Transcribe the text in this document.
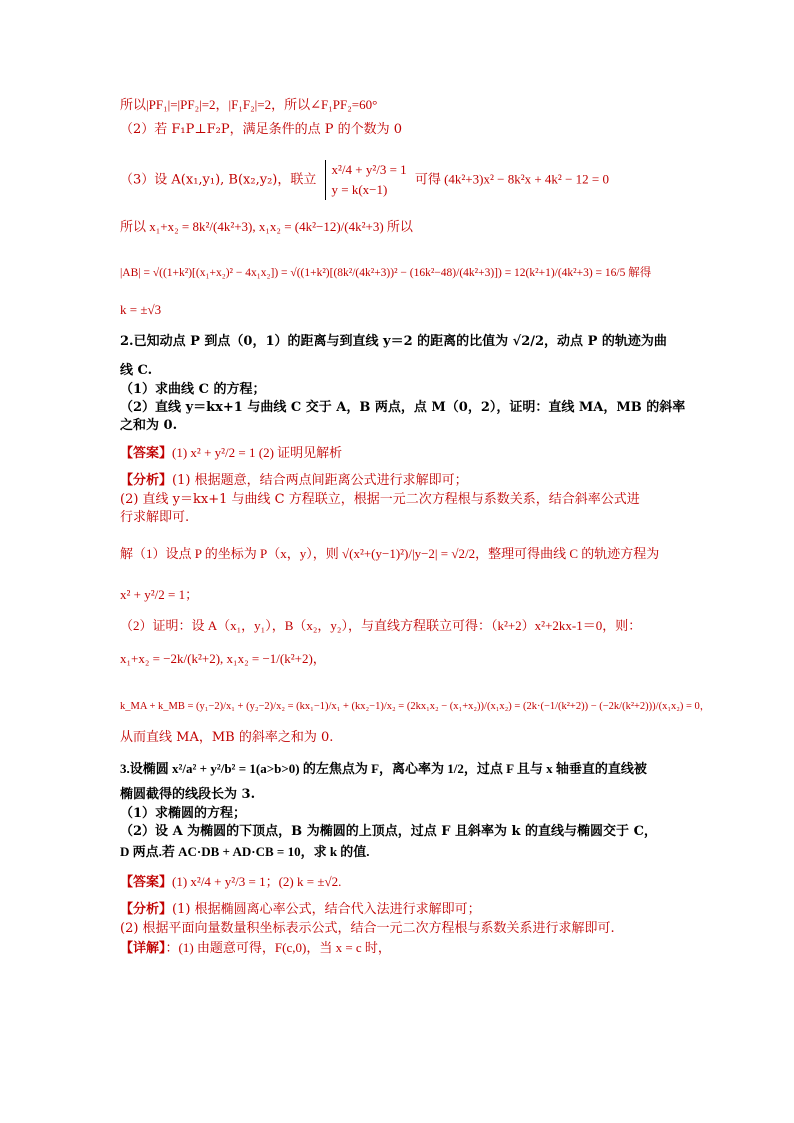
所以|PF₁|=|PF₂|=2，|F₁F₂|=2，所以∠F₁PF₂=60°
（2）若 F₁P⊥F₂P，满足条件的点 P 的个数为 0
（3）设 A(x₁,y₁), B(x₂,y₂)，联立
x²/4 + y²/3 = 1
y = k(x−1)
可得 (4k²+3)x² − 8k²x + 4k² − 12 = 0
所以 x₁+x₂ = 8k²/(4k²+3), x₁x₂ = (4k²−12)/(4k²+3) 所以
|AB| = √((1+k²)[(x₁+x₂)² − 4x₁x₂]) = √((1+k²)[(8k²/(4k²+3))² − (16k²−48)/(4k²+3)]) = 12(k²+1)/(4k²+3) = 16/5 解得
k = ±√3
2.已知动点 P 到点（0，1）的距离与到直线 y＝2 的距离的比值为 √2/2，动点 P 的轨迹为曲
线 C.
（1）求曲线 C 的方程；
（2）直线 y＝kx+1 与曲线 C 交于 A，B 两点，点 M（0，2），证明：直线 MA，MB 的斜率
之和为 0.
【答案】(1) x² + y²/2 = 1 (2) 证明见解析
【分析】(1) 根据题意，结合两点间距离公式进行求解即可；
(2) 直线 y＝kx+1 与曲线 C 方程联立，根据一元二次方程根与系数关系，结合斜率公式进
行求解即可.
解（1）设点 P 的坐标为 P（x，y），则 √(x²+(y−1)²)/|y−2| = √2/2，整理可得曲线 C 的轨迹方程为
x² + y²/2 = 1；
（2）证明：设 A（x₁，y₁），B（x₂，y₂），与直线方程联立可得：（k²+2）x²+2kx-1＝0，则：
x₁+x₂ = −2k/(k²+2), x₁x₂ = −1/(k²+2)，
k_MA + k_MB = (y₁−2)/x₁ + (y₂−2)/x₂ = (kx₁−1)/x₁ + (kx₂−1)/x₂ = (2kx₁x₂ − (x₁+x₂))/(x₁x₂) = (2k·(−1/(k²+2)) − (−2k/(k²+2)))/(x₁x₂) = 0，
从而直线 MA，MB 的斜率之和为 0.
3.设椭圆 x²/a² + y²/b² = 1(a>b>0) 的左焦点为 F，离心率为 1/2，过点 F 且与 x 轴垂直的直线被
椭圆截得的线段长为 3.
（1）求椭圆的方程；
（2）设 A 为椭圆的下顶点，B 为椭圆的上顶点，过点 F 且斜率为 k 的直线与椭圆交于 C，
D 两点.若 AC·DB + AD·CB = 10，求 k 的值.
【答案】(1) x²/4 + y²/3 = 1；(2) k = ±√2.
【分析】(1) 根据椭圆离心率公式，结合代入法进行求解即可；
(2) 根据平面向量数量积坐标表示公式，结合一元二次方程根与系数关系进行求解即可.
【详解】：(1) 由题意可得，F(c,0)，当 x = c 时，
